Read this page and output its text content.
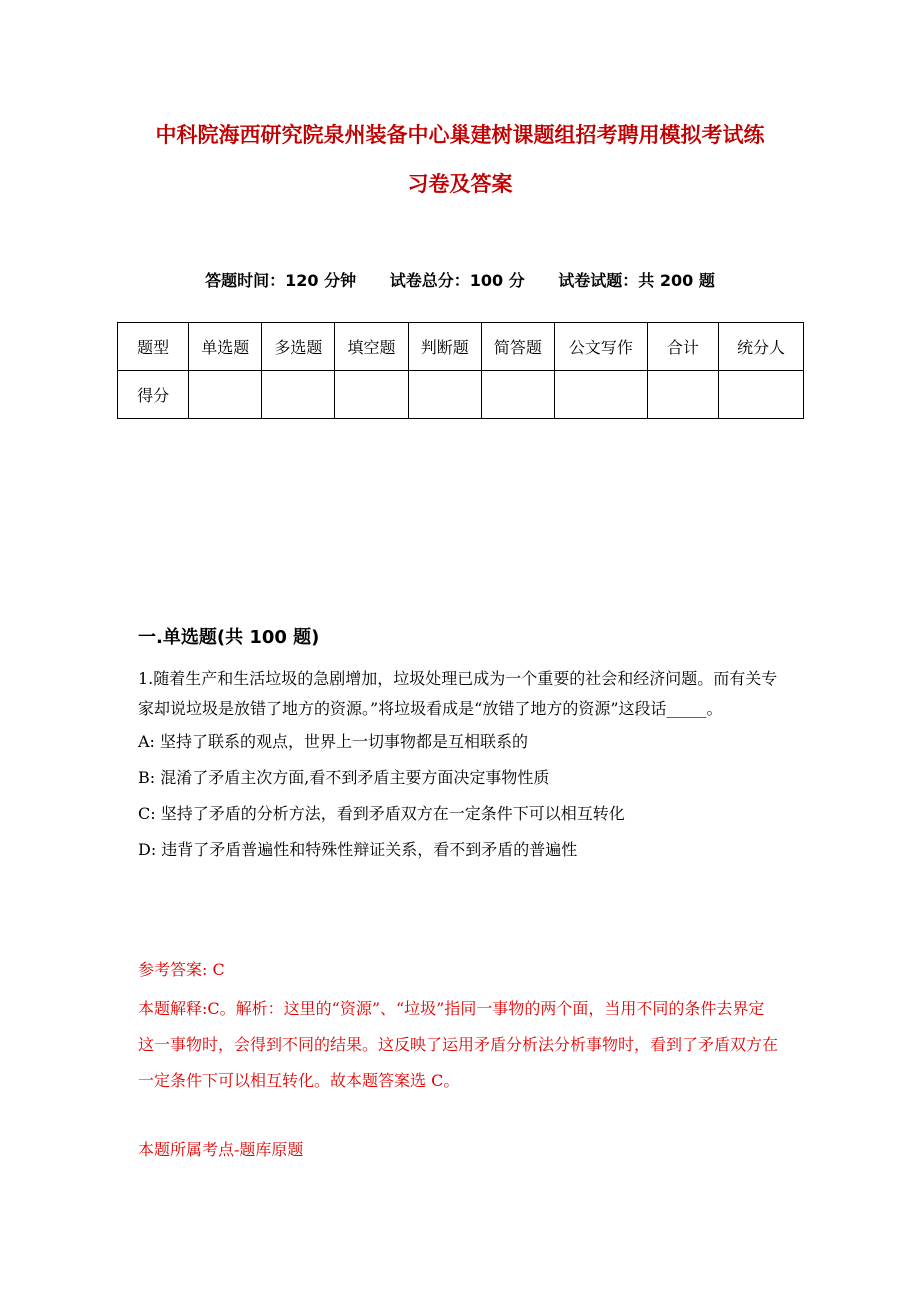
中科院海西研究院泉州装备中心巢建树课题组招考聘用模拟考试练
习卷及答案
答题时间：120 分钟 试卷总分：100 分 试卷试题：共 200 题
题型	单选题	多选题	填空题	判断题	简答题	公文写作	合计	统分人
得分								
一.单选题(共 100 题)
1.随着生产和生活垃圾的急剧增加，垃圾处理已成为一个重要的社会和经济问题。而有关专家却说垃圾是放错了地方的资源。”将垃圾看成是“放错了地方的资源”这段话_____。
A: 坚持了联系的观点，世界上一切事物都是互相联系的
B: 混淆了矛盾主次方面,看不到矛盾主要方面决定事物性质
C: 坚持了矛盾的分析方法，看到矛盾双方在一定条件下可以相互转化
D: 违背了矛盾普遍性和特殊性辩证关系，看不到矛盾的普遍性
参考答案: C
本题解释:C。解析：这里的“资源”、“垃圾”指同一事物的两个面，当用不同的条件去界定这一事物时，会得到不同的结果。这反映了运用矛盾分析法分析事物时，看到了矛盾双方在一定条件下可以相互转化。故本题答案选 C。
本题所属考点-题库原题
